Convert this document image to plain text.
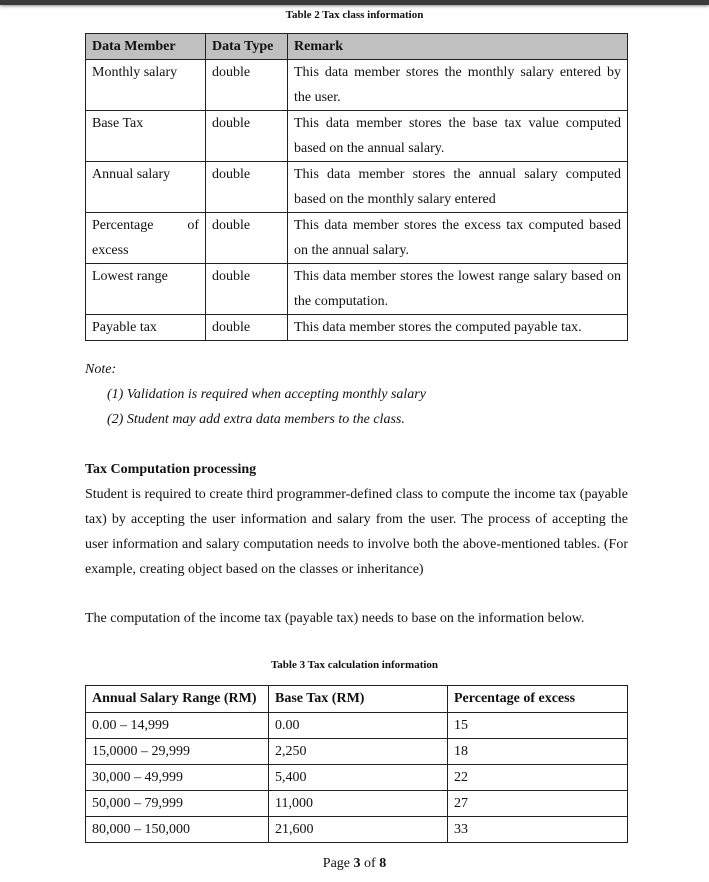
Table 2 Tax class information
Data Member	Data Type	Remark
Monthly salary	double	This data member stores the monthly salary entered by the user.
Base Tax	double	This data member stores the base tax value computed based on the annual salary.
Annual salary	double	This data member stores the annual salary computed based on the monthly salary entered
Percentage of excess	double	This data member stores the excess tax computed based on the annual salary.
Lowest range	double	This data member stores the lowest range salary based on the computation.
Payable tax	double	This data member stores the computed payable tax.
Note:
(1) Validation is required when accepting monthly salary
(2) Student may add extra data members to the class.
Tax Computation processing
Student is required to create third programmer-defined class to compute the income tax (payable tax) by accepting the user information and salary from the user. The process of accepting the user information and salary computation needs to involve both the above-mentioned tables. (For example, creating object based on the classes or inheritance)
The computation of the income tax (payable tax) needs to base on the information below.
Table 3 Tax calculation information
Annual Salary Range (RM)	Base Tax (RM)	Percentage of excess
0.00 – 14,999	0.00	15
15,0000 – 29,999	2,250	18
30,000 – 49,999	5,400	22
50,000 – 79,999	11,000	27
80,000 – 150,000	21,600	33
Page 3 of 8
